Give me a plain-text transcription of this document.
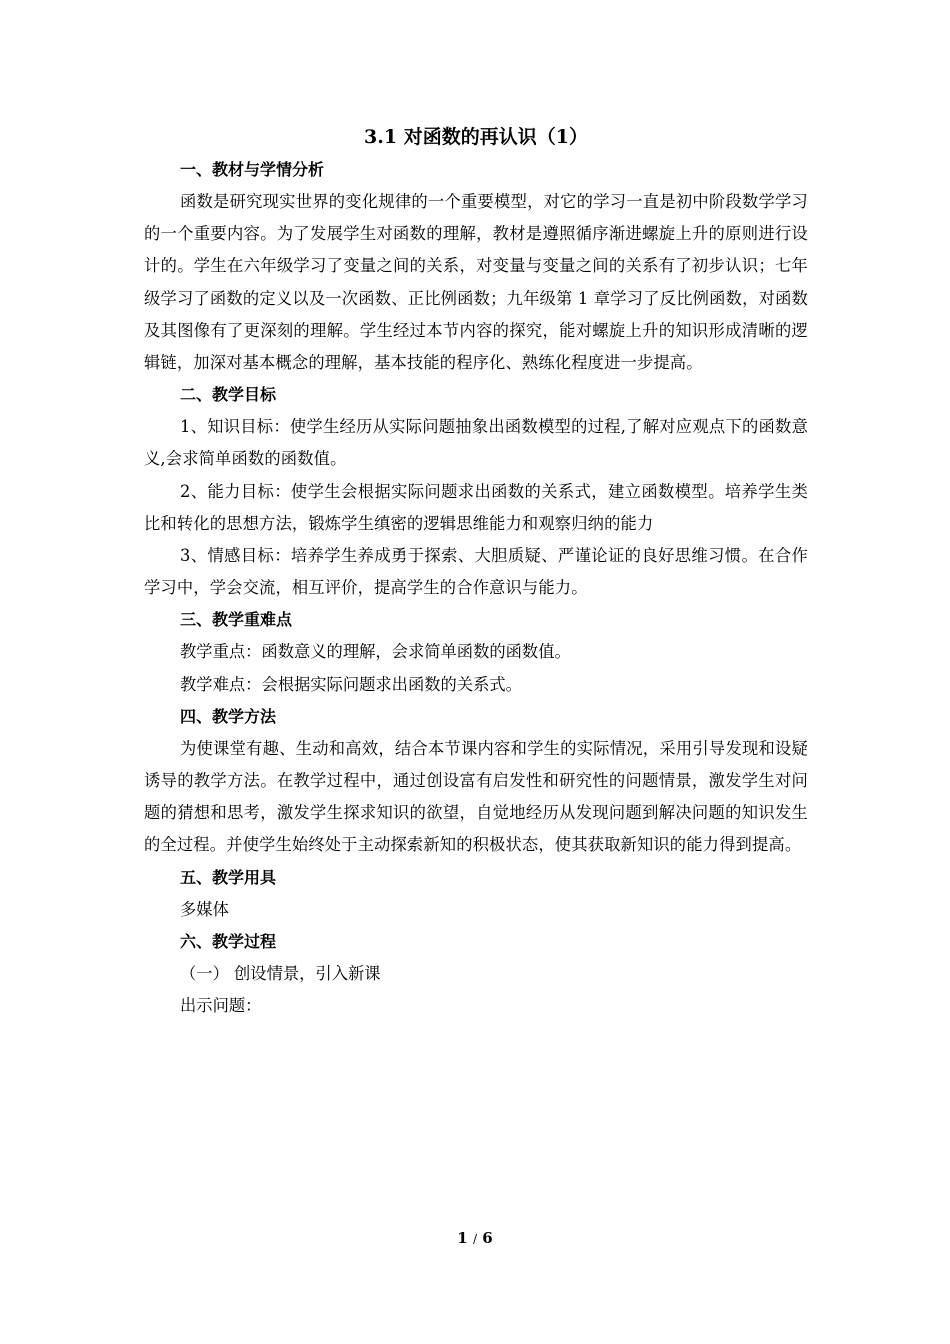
3.1 对函数的再认识（1）

一、教材与学情分析

函数是研究现实世界的变化规律的一个重要模型，对它的学习一直是初中阶段数学学习的一个重要内容。为了发展学生对函数的理解，教材是遵照循序渐进螺旋上升的原则进行设计的。学生在六年级学习了变量之间的关系，对变量与变量之间的关系有了初步认识；七年级学习了函数的定义以及一次函数、正比例函数；九年级第 1 章学习了反比例函数，对函数及其图像有了更深刻的理解。学生经过本节内容的探究，能对螺旋上升的知识形成清晰的逻辑链，加深对基本概念的理解，基本技能的程序化、熟练化程度进一步提高。

二、教学目标

1、知识目标：使学生经历从实际问题抽象出函数模型的过程,了解对应观点下的函数意义,会求简单函数的函数值。

2、能力目标：使学生会根据实际问题求出函数的关系式，建立函数模型。培养学生类比和转化的思想方法，锻炼学生缜密的逻辑思维能力和观察归纳的能力

3、情感目标：培养学生养成勇于探索、大胆质疑、严谨论证的良好思维习惯。在合作学习中，学会交流，相互评价，提高学生的合作意识与能力。

三、教学重难点

教学重点：函数意义的理解，会求简单函数的函数值。

教学难点：会根据实际问题求出函数的关系式。

四、教学方法

为使课堂有趣、生动和高效，结合本节课内容和学生的实际情况，采用引导发现和设疑诱导的教学方法。在教学过程中，通过创设富有启发性和研究性的问题情景，激发学生对问题的猜想和思考，激发学生探求知识的欲望，自觉地经历从发现问题到解决问题的知识发生的全过程。并使学生始终处于主动探索新知的积极状态，使其获取新知识的能力得到提高。

五、教学用具

多媒体

六、教学过程

（一） 创设情景，引入新课

出示问题：

1 / 6
